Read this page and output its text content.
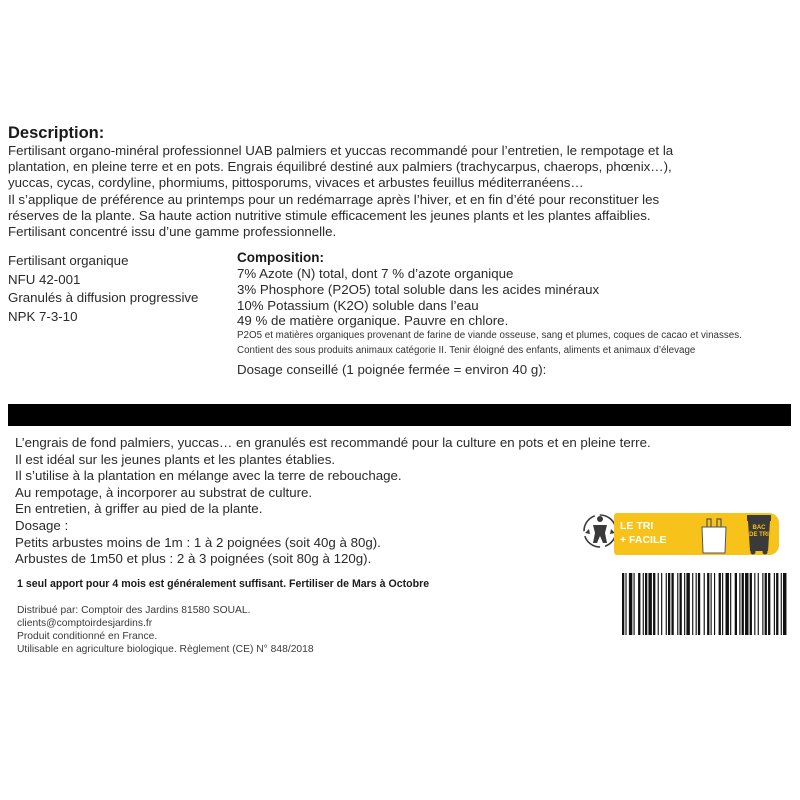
Description:
Fertilisant organo-minéral professionnel UAB palmiers et yuccas recommandé pour l’entretien, le rempotage et la
plantation, en pleine terre et en pots. Engrais équilibré destiné aux palmiers (trachycarpus, chaerops, phœnix…),
yuccas, cycas, cordyline, phormiums, pittosporums, vivaces et arbustes feuillus méditerranéens…
Il s’applique de préférence au printemps pour un redémarrage après l’hiver, et en fin d’été pour reconstituer les
réserves de la plante. Sa haute action nutritive stimule efficacement les jeunes plants et les plantes affaiblies.
Fertilisant concentré issu d’une gamme professionnelle.
Fertilisant organique
NFU 42-001
Granulés à diffusion progressive
NPK 7-3-10
Composition:
7% Azote (N) total, dont 7 % d’azote organique
3% Phosphore (P2O5) total soluble dans les acides minéraux
10% Potassium (K2O) soluble dans l’eau
49 % de matière organique. Pauvre en chlore.
P2O5 et matières organiques provenant de farine de viande osseuse, sang et plumes, coques de cacao et vinasses.
Contient des sous produits animaux catégorie II. Tenir éloigné des enfants, aliments et animaux d’élevage
Dosage conseillé (1 poignée fermée = environ 40 g):
L’engrais de fond palmiers, yuccas… en granulés est recommandé pour la culture en pots et en pleine terre.
Il est idéal sur les jeunes plants et les plantes établies.
Il s’utilise à la plantation en mélange avec la terre de rebouchage.
Au rempotage, à incorporer au substrat de culture.
En entretien, à griffer au pied de la plante.
Dosage :
Petits arbustes moins de 1m : 1 à 2 poignées (soit 40g à 80g).
Arbustes de 1m50 et plus : 2 à 3 poignées (soit 80g à 120g).
LE TRI
+ FACILE
BAC DE TRI
1 seul apport pour 4 mois est généralement suffisant. Fertiliser de Mars à Octobre
Distribué par: Comptoir des Jardins 81580 SOUAL.
clients@comptoirdesjardins.fr
Produit conditionné en France.
Utilisable en agriculture biologique. Règlement (CE) N° 848/2018
